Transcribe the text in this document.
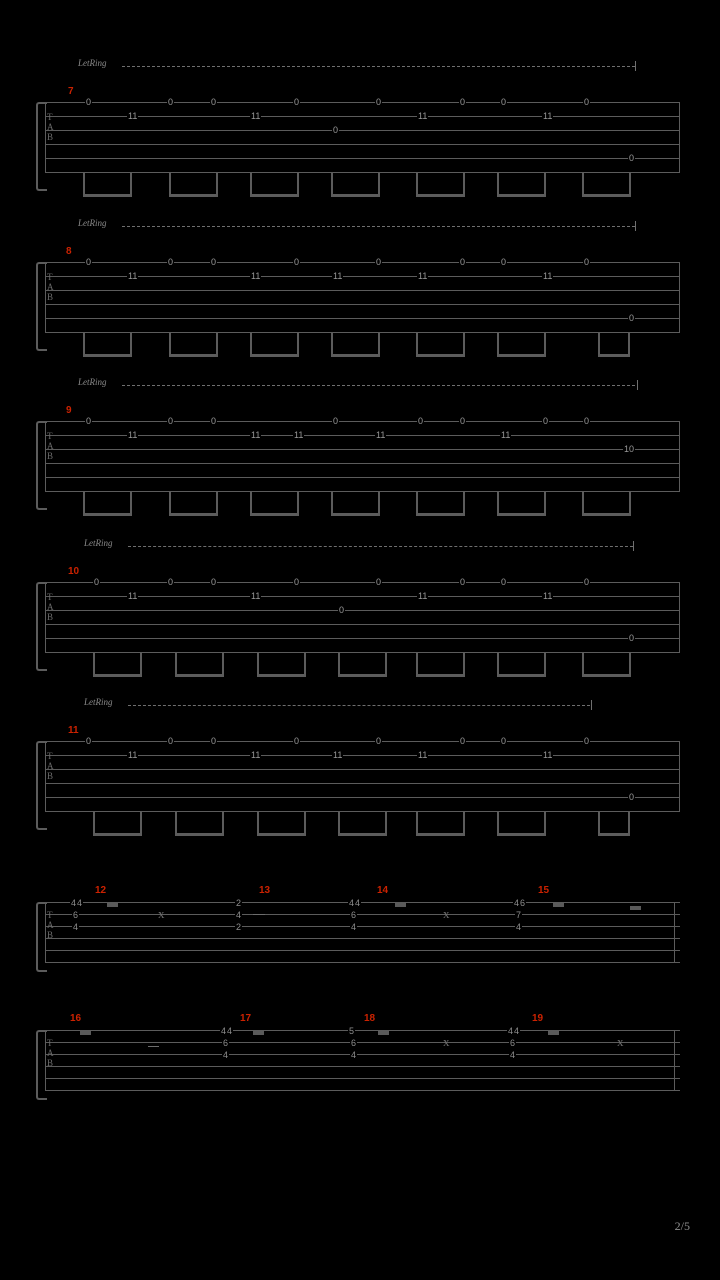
LetRing
7
T
A
B
0
11
0	0
11
0
0
0
11
0	0
11
0
0
LetRing
8
T
A
B
0
11
0	0
11
0
11
0
11
0	0
11
0
0
LetRing
9
T
A
B
0
11
0	0
11	11
0
11
0	0
11
0	0
10
LetRing
10
T
A
B
0
11
0	0
11
0
0
0
11
0	0
11
0
0
LetRing
11
T
A
B
0
11
0	0
11
0
11
0
11
0	0
11
0
0
12	13	14	15
T
A
B
4 4
6
4
x
2
4
2
4 4
6
4
x
4 6
7
4
16	17	18	19
T
A
B
4 4
6
4
5
6
4
x
4 4
6
4
x
2/5
